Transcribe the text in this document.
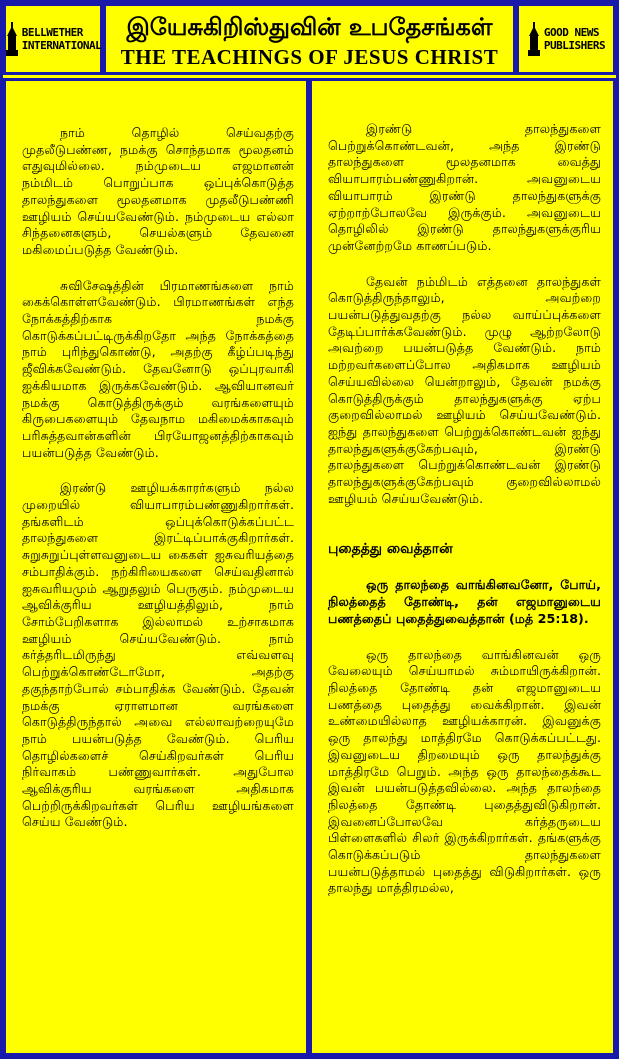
BELLWETHER
INTERNATIONAL
இயேசுகிறிஸ்துவின் உபதேசங்கள்
THE TEACHINGS OF JESUS CHRIST
GOOD NEWS
PUBLISHERS

நாம் தொழில் செய்வதற்கு முதலீடுபண்ண, நமக்கு சொந்தமாக மூலதனம் எதுவுமில்லை. நம்முடைய எஜமானன் நம்மிடம் பொறுப்பாக ஒப்புக்கொடுத்த தாலந்துகளை மூலதனமாக முதலீடுபண்ணி ஊழியம் செய்யவேண்டும். நம்முடைய எல்லா சிந்தனைகளும், செயல்களும் தேவனை மகிமைப்படுத்த வேண்டும்.

சுவிசேஷத்தின் பிரமாணங்களை நாம் கைக்கொள்ளவேண்டும். பிரமாணங்கள் எந்த நோக்கத்திற்காக நமக்கு கொடுக்கப்பட்டிருக்கிறதோ அந்த நோக்கத்தை நாம் புரிந்துகொண்டு, அதற்கு கீழ்ப்படிந்து ஜீவிக்கவேண்டும். தேவனோடு ஒப்புரவாகி ஐக்கியமாக இருக்கவேண்டும். ஆவியானவர் நமக்கு கொடுத்திருக்கும் வரங்களையும் கிருபைகளையும் தேவநாம மகிமைக்காகவும் பரிசுத்தவான்களின் பிரயோஜனத்திற்காகவும் பயன்படுத்த வேண்டும்.

இரண்டு ஊழியக்காரர்களும் நல்ல முறையில் வியாபாரம்பண்ணுகிறார்கள். தங்களிடம் ஒப்புக்கொடுக்கப்பட்ட தாலந்துகளை இரட்டிப்பாக்குகிறார்கள். சுறுசுறுப்புள்ளவனுடைய கைகள் ஐசுவரியத்தை சம்பாதிக்கும். நற்கிரியைகளை செய்வதினால் ஐசுவரியமும் ஆறுதலும் பெருகும். நம்முடைய ஆவிக்குரிய ஊழியத்திலும், நாம் சோம்பேறிகளாக இல்லாமல் உற்சாகமாக ஊழியம் செய்யவேண்டும். நாம் கர்த்தரிடமிருந்து எவ்வளவு பெற்றுக்கொண்டோமோ, அதற்கு தகுந்தாற்போல் சம்பாதிக்க வேண்டும். தேவன் நமக்கு ஏராளமான வரங்களை கொடுத்திருந்தால் அவை எல்லாவற்றையுமே நாம் பயன்படுத்த வேண்டும். பெரிய தொழில்களைச் செய்கிறவர்கள் பெரிய நிர்வாகம் பண்ணுவார்கள். அதுபோல ஆவிக்குரிய வரங்களை அதிகமாக பெற்றிருக்கிறவர்கள் பெரிய ஊழியங்களை செய்ய வேண்டும்.

இரண்டு தாலந்துகளை பெற்றுக்கொண்டவன், அந்த இரண்டு தாலந்துகளை மூலதனமாக வைத்து வியாபாரம்பண்ணுகிறான். அவனுடைய வியாபாரம் இரண்டு தாலந்துகளுக்கு ஏற்றாற்போலவே இருக்கும். அவனுடைய தொழிலில் இரண்டு தாலந்துகளுக்குரிய முன்னேற்றமே காணப்படும்.

தேவன் நம்மிடம் எத்தனை தாலந்துகள் கொடுத்திருந்தாலும், அவற்றை பயன்படுத்துவதற்கு நல்ல வாய்ப்புக்களை தேடிப்பார்க்கவேண்டும். முழு ஆற்றலோடு அவற்றை பயன்படுத்த வேண்டும். நாம் மற்றவர்களைப்போல அதிகமாக ஊழியம் செய்யவில்லை யென்றாலும், தேவன் நமக்கு கொடுத்திருக்கும் தாலந்துகளுக்கு ஏற்ப குறைவில்லாமல் ஊழியம் செய்யவேண்டும். ஐந்து தாலந்துகளை பெற்றுக்கொண்டவன் ஐந்து தாலந்துகளுக்குகேற்பவும், இரண்டு தாலந்துகளை பெற்றுக்கொண்டவன் இரண்டு தாலந்துகளுக்குகேற்பவும் குறைவில்லாமல் ஊழியம் செய்யவேண்டும்.

புதைத்து வைத்தான்

ஒரு தாலந்தை வாங்கினவனோ, போய், நிலத்தைத் தோண்டி, தன் எஜமானுடைய பணத்தைப் புதைத்துவைத்தான் (மத் 25:18).

ஒரு தாலந்தை வாங்கினவன் ஒரு வேலையும் செய்யாமல் சும்மாயிருக்கிறான். நிலத்தை தோண்டி தன் எஜமானுடைய பணத்தை புதைத்து வைக்கிறான். இவன் உண்மையில்லாத ஊழியக்காரன். இவனுக்கு ஒரு தாலந்து மாத்திரமே கொடுக்கப்பட்டது. இவனுடைய திறமையும் ஒரு தாலந்துக்கு மாத்திரமே பெறும். அந்த ஒரு தாலந்தைக்கூட இவன் பயன்படுத்தவில்லை. அந்த தாலந்தை நிலத்தை தோண்டி புதைத்துவிடுகிறான். இவனைப்போலவே கர்த்தருடைய பிள்ளைகளில் சிலர் இருக்கிறார்கள். தங்களுக்கு கொடுக்கப்படும் தாலந்துகளை பயன்படுத்தாமல் புதைத்து விடுகிறார்கள். ஒரு தாலந்து மாத்திரமல்ல,
